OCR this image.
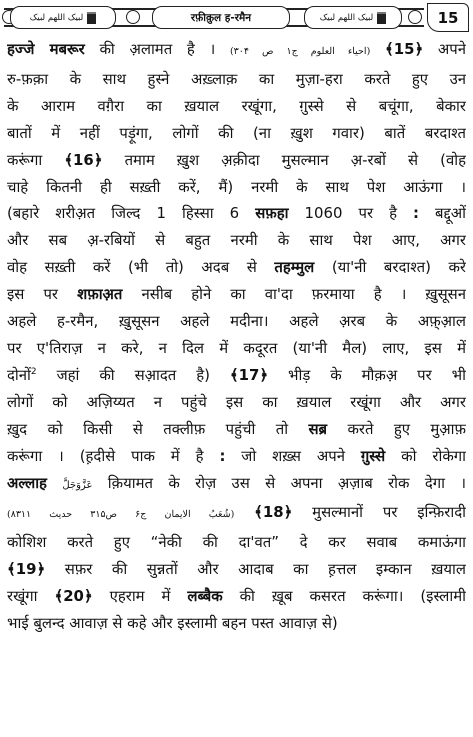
لبیک اللھم لبیک	रफ़ीक़ुल ह-रमैन	لبیک اللھم لبیک	15
हज्जे मबरूर की अ़लामत है । (احیاء العلوم ج۱ ص ۳۰۴) ﴾15﴿ अपने
रु-फ़क़ा के साथ हुस्ने अख़्लाक़ का मुज़ा-हरा करते हुए उन
के आराम वग़ैरा का ख़याल रखूंगा, ग़ुस्से से बचूंगा, बेकार
बातों में नहीं पड़ूंगा, लोगों की (ना ख़ुश गवार) बातें बरदाश्त
करूंगा ﴾16﴿ तमाम ख़ुश अ़क़ीदा मुसल्मान अ़-रबों से (वोह
चाहे कितनी ही सख़्ती करें, मैं) नरमी के साथ पेश आऊंगा ।
(बहारे शरीअ़त जिल्द 1 हिस्सा 6 सफ़हा 1060 पर है : बद्दूओं
और सब अ़-रबियों से बहुत नरमी के साथ पेश आए, अगर
वोह सख़्ती करें (भी तो) अदब से तहम्मुल (या'नी बरदाश्त) करे
इस पर शफ़ाअ़त नसीब होने का वा'दा फ़रमाया है । ख़ुसूसन
अहले ह-रमैन, ख़ुसूसन अहले मदीना। अहले अ़रब के अफ़्आ़ल
पर ए'तिराज़ न करे, न दिल में कदूरत (या'नी मैल) लाए, इस में
दोनों$^2$ जहां की सआ़दत है) ﴾17﴿ भीड़ के मौक़अ़ पर भी
लोगों को अज़िय्यत न पहुंचे इस का ख़याल रखूंगा और अगर
ख़ुद को किसी से तक्लीफ़ पहुंची तो सब्र करते हुए मुआ़फ़
करूंगा । (ह़दीसे पाक में है : जो शख़्स अपने ग़ुस्से को रोकेगा
अल्लाह عَزَّوَجَلَّ क़ियामत के रोज़ उस से अपना अ़ज़ाब रोक देगा ।
(شُعَبُ الایمان ج۶ ص۳۱۵ حدیث ۸۳۱۱) ﴾18﴿ मुसल्मानों पर इन्फ़िरादी
कोशिश करते हुए “नेकी की दा'वत” दे कर सवाब कमाऊंगा
﴾19﴿ सफ़र की सुन्नतों और आदाब का ह़त्तल इम्कान ख़याल
रखूंगा ﴾20﴿ एहराम में लब्बैक की ख़ूब कसरत करूंगा। (इस्लामी
भाई बुलन्द आवाज़ से कहे और इस्लामी बहन पस्त आवाज़ से)
